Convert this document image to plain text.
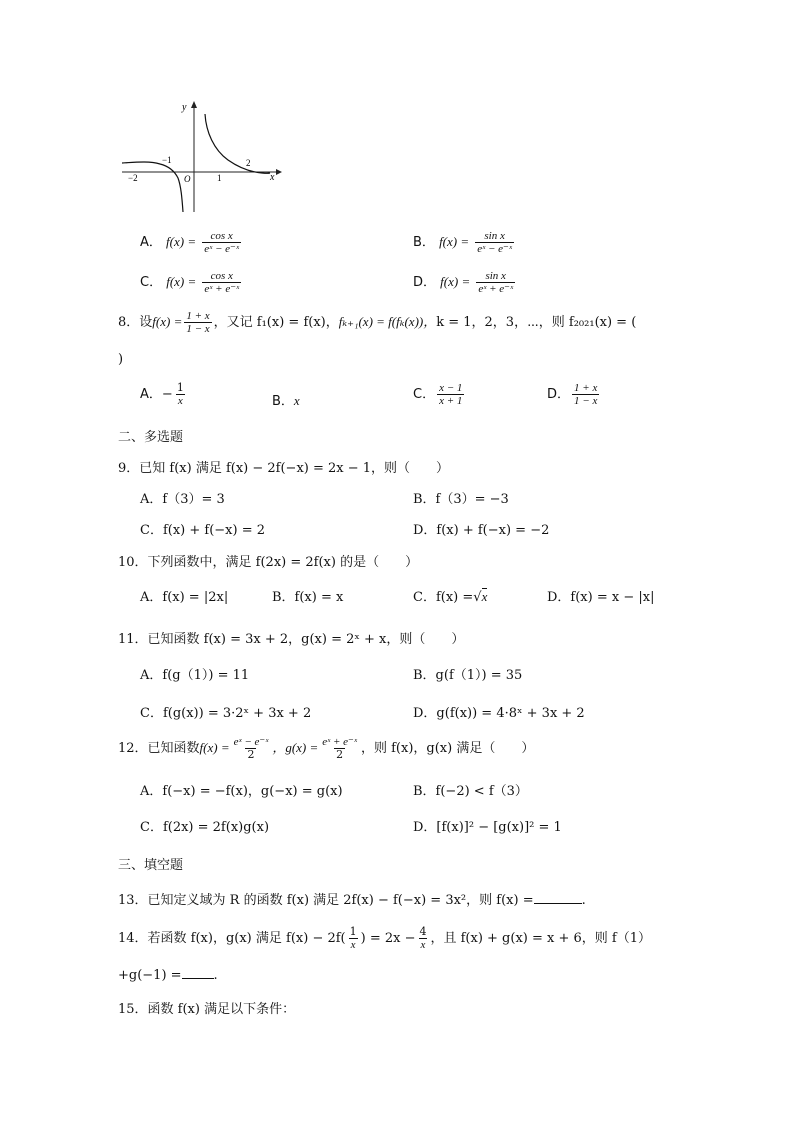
y
x
−2
−1
O	1
2
A． $f(x) = \frac{\text{cos x}}{\text{eˣ − e⁻ˣ}}$	B． $f(x) = \frac{\text{sin x}}{\text{eˣ − e⁻ˣ}}$
C． $f(x) = \frac{\text{cos x}}{\text{eˣ + e⁻ˣ}}$	D． $f(x) = \frac{\text{sin x}}{\text{eˣ + e⁻ˣ}}$
8．设$f(x) = \frac{1 + x}{1 - x}$ ，又记 f₁(x) = f(x)，fₖ₊₁(x) = f(fₖ(x))，k = 1，2，3，⋯，则 f₂₀₂₁(x) = (
)
A．− $\frac{1}{x}$	B．x	C． $\frac{x - 1}{x + 1}$	D． $\frac{1 + x}{1 - x}$
二、多选题
9．已知 f(x) 满足 f(x) − 2f(−x) = 2x − 1，则（　　）
A．f（3）= 3	B．f（3）= −3
C．f(x) + f(−x) = 2	D．f(x) + f(−x) = −2
10．下列函数中，满足 f(2x) = 2f(x) 的是（　　）
A．f(x) = |2x|	B．f(x) = x	C．f(x) =√x	D．f(x) = x − |x|
11．已知函数 f(x) = 3x + 2，g(x) = 2ˣ + x，则（　　）
A．f(g（1）) = 11	B．g(f（1）) = 35
C．f(g(x)) = 3·2ˣ + 3x + 2	D．g(f(x)) = 4·8ˣ + 3x + 2
12．已知函数$f(x) = \frac{\text{eˣ − e⁻ˣ}}{2}$ ，$g(x) = \frac{\text{eˣ + e⁻ˣ}}{2}$ ，则 f(x)，g(x) 满足（　　）
A．f(−x) = −f(x)，g(−x) = g(x)	B．f(−2) < f（3）
C．f(2x) = 2f(x)g(x)	D．[f(x)]² − [g(x)]² = 1
三、填空题
13．已知定义域为 R 的函数 f(x) 满足 2f(x) − f(−x) = 3x²，则 f(x) =	.
14．若函数 f(x)，g(x) 满足 $f(x) - 2f( \frac{1}{x}$ ) = $2x - \frac{4}{x}$ ，且 f(x) + g(x) = x + 6，则 f（1）
+g(−1) = .
15．函数 f(x) 满足以下条件：
